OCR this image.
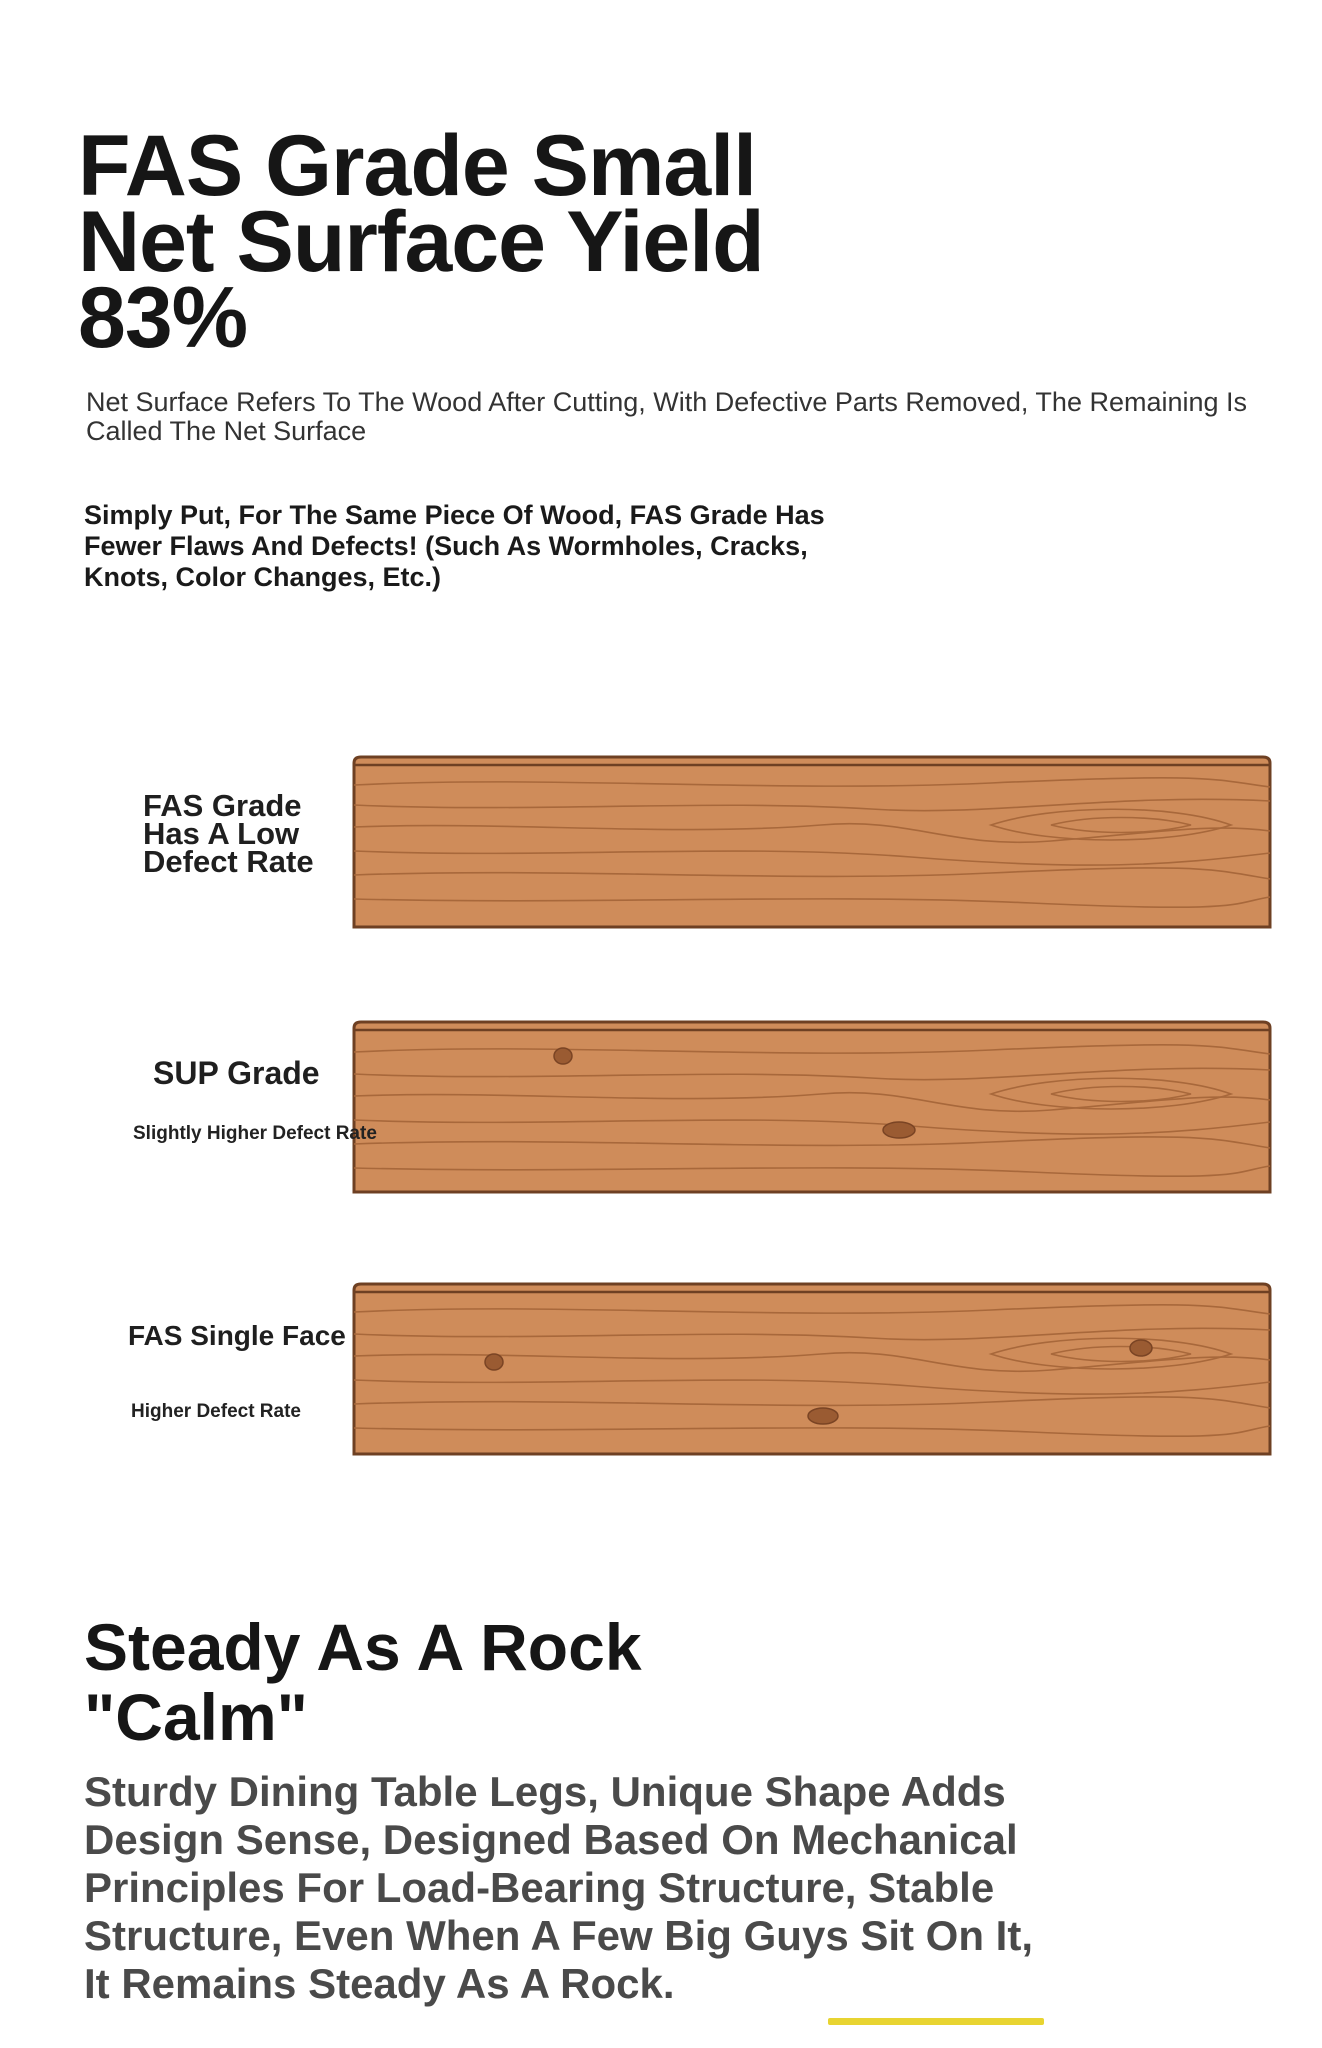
FAS Grade Small Net Surface Yield 83%

Net Surface Refers To The Wood After Cutting, With Defective Parts Removed, The Remaining Is Called The Net Surface

Simply Put, For The Same Piece Of Wood, FAS Grade Has Fewer Flaws And Defects! (Such As Wormholes, Cracks, Knots, Color Changes, Etc.)

FAS Grade Has A Low Defect Rate

SUP Grade

Slightly Higher Defect Rate

FAS Single Face

Higher Defect Rate

Steady As A Rock "Calm"

Sturdy Dining Table Legs, Unique Shape Adds Design Sense, Designed Based On Mechanical Principles For Load-Bearing Structure, Stable Structure, Even When A Few Big Guys Sit On It, It Remains Steady As A Rock.
